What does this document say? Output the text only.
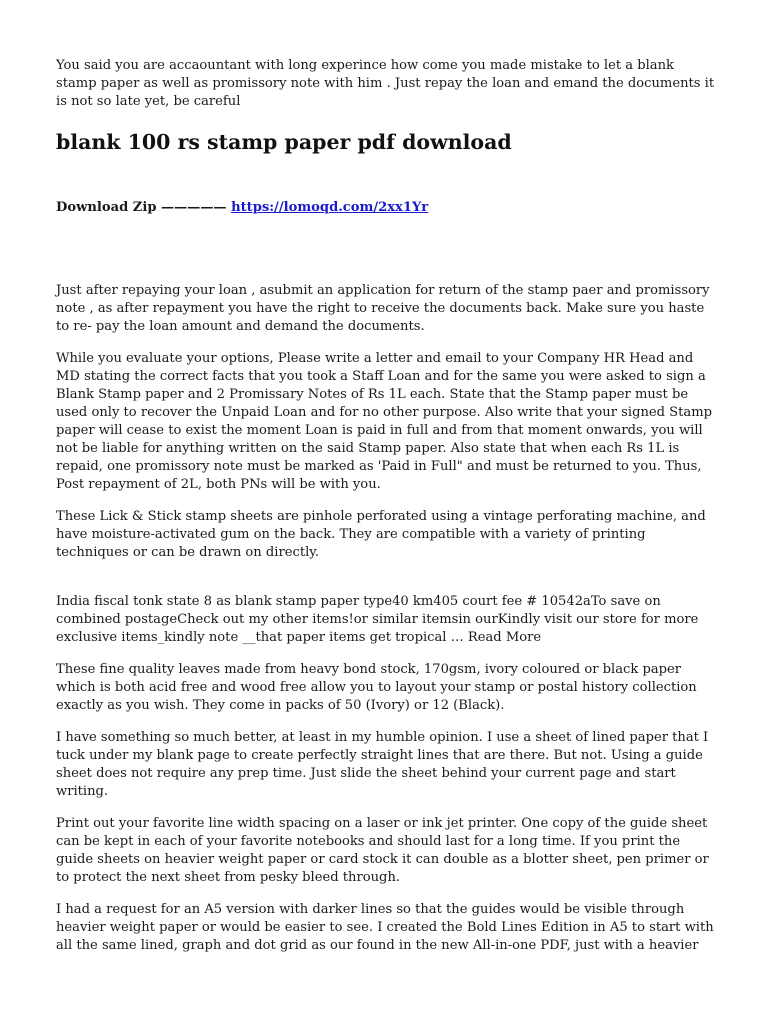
You said you are accaountant with long experince how come you made mistake to let a blank stamp paper as well as promissory note with him . Just repay the loan and emand the documents it is not so late yet, be careful

blank 100 rs stamp paper pdf download
Download Zip ————— https://lomoqd.com/2xx1Yr

Just after repaying your loan , asubmit an application for return of the stamp paer and promissory note , as after repayment you have the right to receive the documents back. Make sure you haste to re- pay the loan amount and demand the documents.

While you evaluate your options, Please write a letter and email to your Company HR Head and MD stating the correct facts that you took a Staff Loan and for the same you were asked to sign a Blank Stamp paper and 2 Promissary Notes of Rs 1L each. State that the Stamp paper must be used only to recover the Unpaid Loan and for no other purpose. Also write that your signed Stamp paper will cease to exist the moment Loan is paid in full and from that moment onwards, you will not be liable for anything written on the said Stamp paper. Also state that when each Rs 1L is repaid, one promissory note must be marked as 'Paid in Full" and must be returned to you. Thus, Post repayment of 2L, both PNs will be with you.

These Lick & Stick stamp sheets are pinhole perforated using a vintage perforating machine, and have moisture-activated gum on the back. They are compatible with a variety of printing techniques or can be drawn on directly.

India fiscal tonk state 8 as blank stamp paper type40 km405 court fee # 10542aTo save on combined postageCheck out my other items!or similar itemsin ourKindly visit our store for more exclusive items_kindly note __that paper items get tropical … Read More

These fine quality leaves made from heavy bond stock, 170gsm, ivory coloured or black paper which is both acid free and wood free allow you to layout your stamp or postal history collection exactly as you wish. They come in packs of 50 (Ivory) or 12 (Black).

I have something so much better, at least in my humble opinion. I use a sheet of lined paper that I tuck under my blank page to create perfectly straight lines that are there. But not. Using a guide sheet does not require any prep time. Just slide the sheet behind your current page and start writing.

Print out your favorite line width spacing on a laser or ink jet printer. One copy of the guide sheet can be kept in each of your favorite notebooks and should last for a long time. If you print the guide sheets on heavier weight paper or card stock it can double as a blotter sheet, pen primer or to protect the next sheet from pesky bleed through.

I had a request for an A5 version with darker lines so that the guides would be visible through heavier weight paper or would be easier to see. I created the Bold Lines Edition in A5 to start with all the same lined, graph and dot grid as our found in the new All-in-one PDF, just with a heavier
